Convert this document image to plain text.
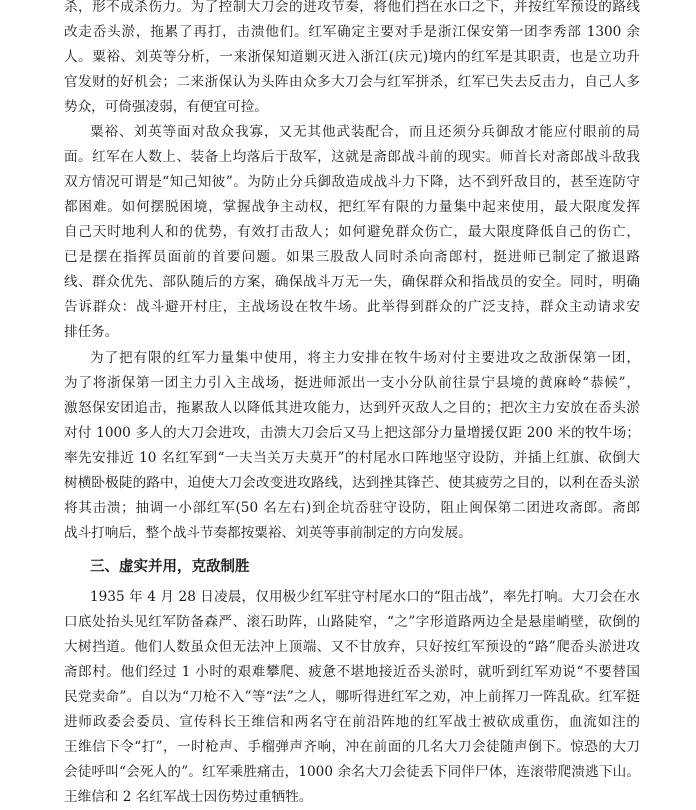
杀，形不成杀伤力。为了控制大刀会的进攻节奏，将他们挡在水口之下，并按红军预设的路线
改走岙头淤，拖累了再打，击溃他们。红军确定主要对手是浙江保安第一团李秀部 1300 余
人。粟裕、刘英等分析，一来浙保知道剿灭进入浙江(庆元)境内的红军是其职责，也是立功升
官发财的好机会；二来浙保认为头阵由众多大刀会与红军拼杀，红军已失去反击力，自己人多
势众，可倚强凌弱，有便宜可捡。
粟裕、刘英等面对敌众我寡，又无其他武装配合，而且还须分兵御敌才能应付眼前的局
面。红军在人数上、装备上均落后于敌军，这就是斋郎战斗前的现实。师首长对斋郎战斗敌我
双方情况可谓是“知己知彼”。为防止分兵御敌造成战斗力下降，达不到歼敌目的，甚至连防守
都困难。如何摆脱困境，掌握战争主动权，把红军有限的力量集中起来使用，最大限度发挥
自己天时地利人和的优势，有效打击敌人；如何避免群众伤亡，最大限度降低自己的伤亡，
已是摆在指挥员面前的首要问题。如果三股敌人同时杀向斋郎村，挺进师已制定了撤退路
线、群众优先、部队随后的方案，确保战斗万无一失，确保群众和指战员的安全。同时，明确
告诉群众：战斗避开村庄，主战场设在牧牛场。此举得到群众的广泛支持，群众主动请求安
排任务。
为了把有限的红军力量集中使用，将主力安排在牧牛场对付主要进攻之敌浙保第一团，
为了将浙保第一团主力引入主战场，挺进师派出一支小分队前往景宁县境的黄麻岭“恭候”，
激怒保安团追击，拖累敌人以降低其进攻能力，达到歼灭敌人之目的；把次主力安放在岙头淤
对付 1000 多人的大刀会进攻，击溃大刀会后又马上把这部分力量增援仅距 200 米的牧牛场；
率先安排近 10 名红军到“一夫当关万夫莫开”的村尾水口阵地坚守设防，并插上红旗、砍倒大
树横卧极陡的路中，迫使大刀会改变进攻路线，达到挫其锋芒、使其疲劳之目的，以利在岙头淤
将其击溃；抽调一小部红军(50 名左右)到企坑岙驻守设防，阻止闽保第二团进攻斋郎。斋郎
战斗打响后，整个战斗节奏都按粟裕、刘英等事前制定的方向发展。
三、虚实并用，克敌制胜
1935 年 4 月 28 日凌晨，仅用极少红军驻守村尾水口的“阻击战”，率先打响。大刀会在水
口底处抬头见红军防备森严、滚石助阵，山路陡窄，“之”字形道路两边全是悬崖峭壁，砍倒的
大树挡道。他们人数虽众但无法冲上顶端、又不甘放弃，只好按红军预设的“路”爬岙头淤进攻
斋郎村。他们经过 1 小时的艰难攀爬、疲惫不堪地接近岙头淤时，就听到红军劝说“不要替国
民党卖命”。自以为“刀枪不入”等“法”之人，哪听得进红军之劝，冲上前挥刀一阵乱砍。红军挺
进师政委会委员、宣传科长王维信和两名守在前沿阵地的红军战士被砍成重伤，血流如注的
王维信下令“打”，一时枪声、手榴弹声齐响，冲在前面的几名大刀会徒随声倒下。惊恐的大刀
会徒呼叫“会死人的”。红军乘胜痛击，1000 余名大刀会徒丢下同伴尸体，连滚带爬溃逃下山。
王维信和 2 名红军战士因伤势过重牺牲。
